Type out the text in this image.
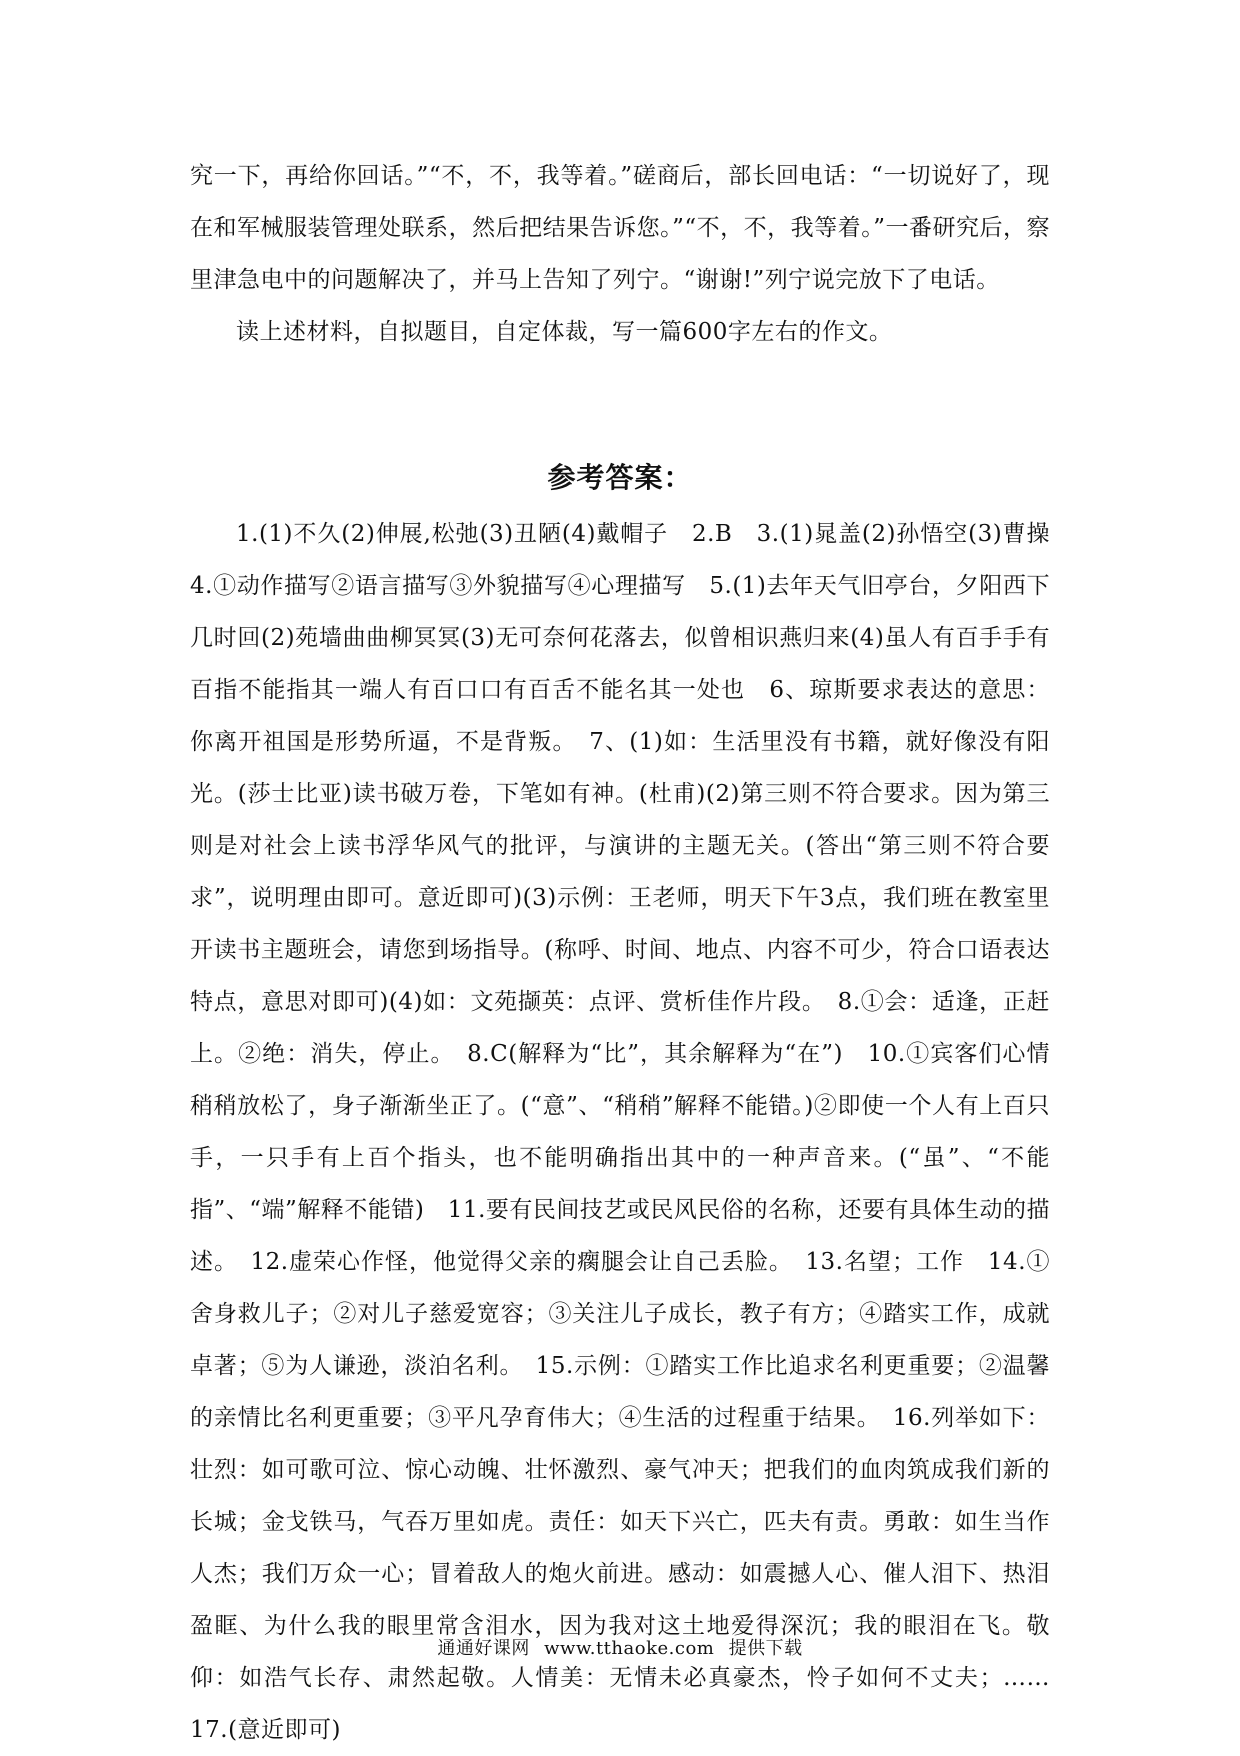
究一下，再给你回话。”“不，不，我等着。”磋商后，部长回电话：“一切说好了，现在和军械服装管理处联系，然后把结果告诉您。”“不，不，我等着。”一番研究后，察里津急电中的问题解决了，并马上告知了列宁。“谢谢!”列宁说完放下了电话。

读上述材料，自拟题目，自定体裁，写一篇600字左右的作文。

参考答案：

1.(1)不久(2)伸展,松弛(3)丑陋(4)戴帽子　2.B　3.(1)晁盖(2)孙悟空(3)曹操　4.①动作描写②语言描写③外貌描写④心理描写　5.(1)去年天气旧亭台，夕阳西下几时回(2)苑墙曲曲柳冥冥(3)无可奈何花落去，似曾相识燕归来(4)虽人有百手手有百指不能指其一端人有百口口有百舌不能名其一处也　6、琼斯要求表达的意思：你离开祖国是形势所逼，不是背叛。　7、(1)如：生活里没有书籍，就好像没有阳光。(莎士比亚)读书破万卷，下笔如有神。(杜甫)(2)第三则不符合要求。因为第三则是对社会上读书浮华风气的批评，与演讲的主题无关。(答出“第三则不符合要求”，说明理由即可。意近即可)(3)示例：王老师，明天下午3点，我们班在教室里开读书主题班会，请您到场指导。(称呼、时间、地点、内容不可少，符合口语表达特点，意思对即可)(4)如：文苑撷英：点评、赏析佳作片段。　8.①会：适逢，正赶上。②绝：消失，停止。　8.C(解释为“比”，其余解释为“在”)　10.①宾客们心情稍稍放松了，身子渐渐坐正了。(“意”、“稍稍”解释不能错。)②即使一个人有上百只手，一只手有上百个指头，也不能明确指出其中的一种声音来。(“虽”、“不能指”、“端”解释不能错)　11.要有民间技艺或民风民俗的名称，还要有具体生动的描述。　12.虚荣心作怪，他觉得父亲的瘸腿会让自己丢脸。　13.名望；工作　14.①舍身救儿子；②对儿子慈爱宽容；③关注儿子成长，教子有方；④踏实工作，成就卓著；⑤为人谦逊，淡泊名利。　15.示例：①踏实工作比追求名利更重要；②温馨的亲情比名利更重要；③平凡孕育伟大；④生活的过程重于结果。　16.列举如下：壮烈：如可歌可泣、惊心动魄、壮怀激烈、豪气冲天；把我们的血肉筑成我们新的长城；金戈铁马，气吞万里如虎。责任：如天下兴亡，匹夫有责。勇敢：如生当作人杰；我们万众一心；冒着敌人的炮火前进。感动：如震撼人心、催人泪下、热泪盈眶、为什么我的眼里常含泪水，因为我对这土地爱得深沉；我的眼泪在飞。敬仰：如浩气长存、肃然起敬。人情美：无情未必真豪杰，怜子如何不丈夫；……　17.(意近即可)

通通好课网 www.tthaoke.com 提供下载
